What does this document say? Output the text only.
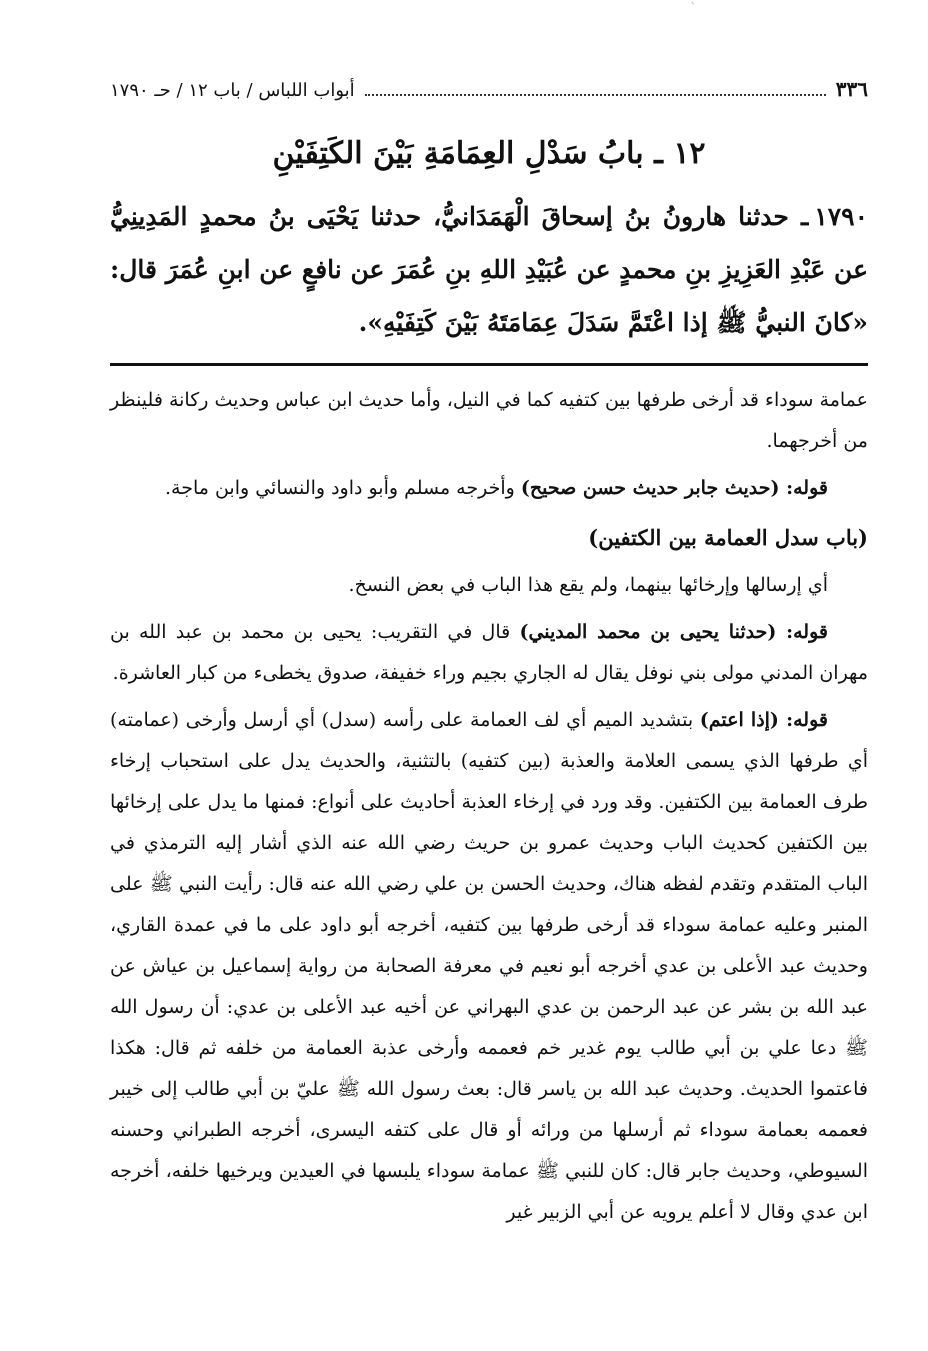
ˋ
٣٣٦
أبواب اللباس / باب ١٢ / حـ ١٧٩٠
١٢ ـ بابُ سَدْلِ العِمَامَةِ بَيْنَ الكَتِفَيْنِ
١٧٩٠ـ حدثنا هارونُ بنُ إسحاقَ الْهَمَدَانيُّ، حدثنا يَحْيَى بنُ محمدٍ المَدِينِيُّ عن عَبْدِ العَزِيزِ بنِ محمدٍ عن عُبَيْدِ اللهِ بنِ عُمَرَ عن نافعٍ عن ابنِ عُمَرَ قال: «كانَ النبيُّ ﷺ إذا اعْتَمَّ سَدَلَ عِمَامَتَهُ بَيْنَ كَتِفَيْهِ».

عمامة سوداء قد أرخى طرفها بين كتفيه كما في النيل، وأما حديث ابن عباس وحديث ركانة فلينظر من أخرجهما.

قوله: (حديث جابر حديث حسن صحيح) وأخرجه مسلم وأبو داود والنسائي وابن ماجة.

(باب سدل العمامة بين الكتفين)

أي إرسالها وإرخائها بينهما، ولم يقع هذا الباب في بعض النسخ.

قوله: (حدثنا يحيى بن محمد المديني) قال في التقريب: يحيى بن محمد بن عبد الله بن مهران المدني مولى بني نوفل يقال له الجاري بجيم وراء خفيفة، صدوق يخطىء من كبار العاشرة.

قوله: (إذا اعتم) بتشديد الميم أي لف العمامة على رأسه (سدل) أي أرسل وأرخى (عمامته) أي طرفها الذي يسمى العلامة والعذبة (بين كتفيه) بالتثنية، والحديث يدل على استحباب إرخاء طرف العمامة بين الكتفين. وقد ورد في إرخاء العذبة أحاديث على أنواع: فمنها ما يدل على إرخائها بين الكتفين كحديث الباب وحديث عمرو بن حريث رضي الله عنه الذي أشار إليه الترمذي في الباب المتقدم وتقدم لفظه هناك، وحديث الحسن بن علي رضي الله عنه قال: رأيت النبي ﷺ على المنبر وعليه عمامة سوداء قد أرخى طرفها بين كتفيه، أخرجه أبو داود على ما في عمدة القاري، وحديث عبد الأعلى بن عدي أخرجه أبو نعيم في معرفة الصحابة من رواية إسماعيل بن عياش عن عبد الله بن بشر عن عبد الرحمن بن عدي البهراني عن أخيه عبد الأعلى بن عدي: أن رسول الله ﷺ دعا علي بن أبي طالب يوم غدير خم فعممه وأرخى عذبة العمامة من خلفه ثم قال: هكذا فاعتموا الحديث. وحديث عبد الله بن ياسر قال: بعث رسول الله ﷺ عليّ بن أبي طالب إلى خيبر فعممه بعمامة سوداء ثم أرسلها من ورائه أو قال على كتفه اليسرى، أخرجه الطبراني وحسنه السيوطي، وحديث جابر قال: كان للنبي ﷺ عمامة سوداء يلبسها في العيدين ويرخيها خلفه، أخرجه ابن عدي وقال لا أعلم يرويه عن أبي الزبير غير
